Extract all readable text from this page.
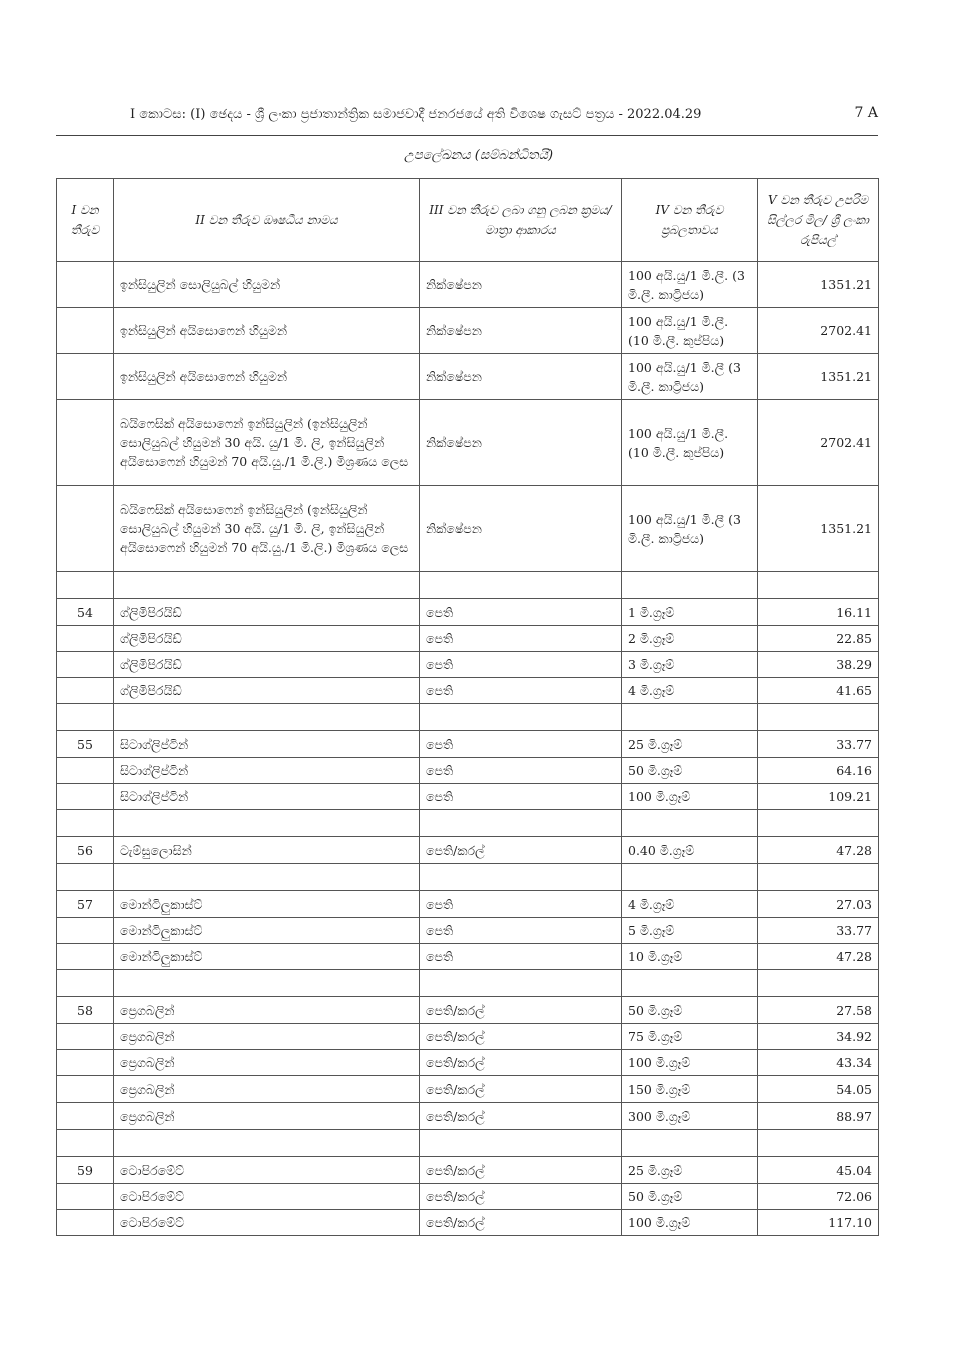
I කොටස: (I) ඡෙදය - ශ්‍රී ලංකා ප්‍රජාතාන්ත්‍රික සමාජවාදී ජනරජයේ අති විශෙෂ ගැසට් පත්‍රය - 2022.04.29	7 A
උපලේඛනය (සම්බන්ධිතයි)
I වන තීරුව	II වන තීරුව ඖෂධීය නාමය	III වන තීරුව ලබා ගනු ලබන ක්‍රමය/මාත්‍රා ආකාරය	IV වන තීරුව ප්‍රබලතාවය	V වන තීරුව උපරිම සිල්ලර මිල/ ශ්‍රී ලංකා රුපියල්
	ඉන්සියුලින් සොලියුබල් හියුමන්	නික්ෂේපන	100 අයි.යු/1 මි.ලී. (3 මි.ලී. කාට්‍රිජය)	1351.21
	ඉන්සියුලින් අයිසොෆෙන් හියුමන්	නික්ෂේපන	100 අයි.යු/1 මි.ලී. (10 මි.ලී. කුප්පිය)	2702.41
	ඉන්සියුලින් අයිසොෆෙන් හියුමන්	නික්ෂේපන	100 අයි.යු/1 මි.ලී (3 මි.ලී. කාට්‍රිජය)	1351.21
	බයිෆෙසික් අයිසොෆෙන් ඉන්සියුලින් (ඉන්සියුලින් සොලියුබල් හියුමන් 30 අයි. යු/1 මි. ලි, ඉන්සියුලින් අයිසොෆෙන් හියුමන් 70 අයි.යු./1 මි.ලි.) මිශ්‍රණය ලෙස	නික්ෂේපන	100 අයි.යු/1 මි.ලී. (10 මි.ලී. කුප්පිය)	2702.41
	බයිෆෙසික් අයිසොෆෙන් ඉන්සියුලින් (ඉන්සියුලින් සොලියුබල් හියුමන් 30 අයි. යු/1 මි. ලි, ඉන්සියුලින් අයිසොෆෙන් හියුමන් 70 අයි.යු./1 මි.ලි.) මිශ්‍රණය ලෙස	නික්ෂේපන	100 අයි.යු/1 මි.ලී (3 මි.ලී. කාට්‍රිජය)	1351.21

54	ග්ලිමිපිරයිඩ්	පෙති	1 මි.ග්‍රෑම්	16.11
	ග්ලිමිපිරයිඩ්	පෙති	2 මි.ග්‍රෑම්	22.85
	ග්ලිමිපිරයිඩ්	පෙති	3 මි.ග්‍රෑම්	38.29
	ග්ලිමිපිරයිඩ්	පෙති	4 මි.ග්‍රෑම්	41.65

55	සිටාග්ලිප්ටින්	පෙති	25 මි.ග්‍රෑම්	33.77
	සිටාග්ලිප්ටින්	පෙති	50 මි.ග්‍රෑම්	64.16
	සිටාග්ලිප්ටින්	පෙති	100 මි.ග්‍රෑම්	109.21

56	ටැම්සුලොසින්	පෙති/කරල්	0.40 මි.ග්‍රෑම්	47.28

57	මොන්ටිලුකාස්ට්	පෙති	4 මි.ග්‍රෑම්	27.03
	මොන්ටිලුකාස්ට්	පෙති	5 මි.ග්‍රෑම්	33.77
	මොන්ටිලුකාස්ට්	පෙති	10 මි.ග්‍රෑම්	47.28

58	ප්‍රෙගබලින්	පෙති/කරල්	50 මි.ග්‍රෑම්	27.58
	ප්‍රෙගබලින්	පෙති/කරල්	75 මි.ග්‍රෑම්	34.92
	ප්‍රෙගබලින්	පෙති/කරල්	100 මි.ග්‍රෑම්	43.34
	ප්‍රෙගබලින්	පෙති/කරල්	150 මි.ග්‍රෑම්	54.05
	ප්‍රෙගබලින්	පෙති/කරල්	300 මි.ග්‍රෑම්	88.97

59	ටොපිරමේට්	පෙති/කරල්	25 මි.ග්‍රෑම්	45.04
	ටොපිරමේට්	පෙති/කරල්	50 මි.ග්‍රෑම්	72.06
	ටොපිරමේට්	පෙති/කරල්	100 මි.ග්‍රෑම්	117.10
